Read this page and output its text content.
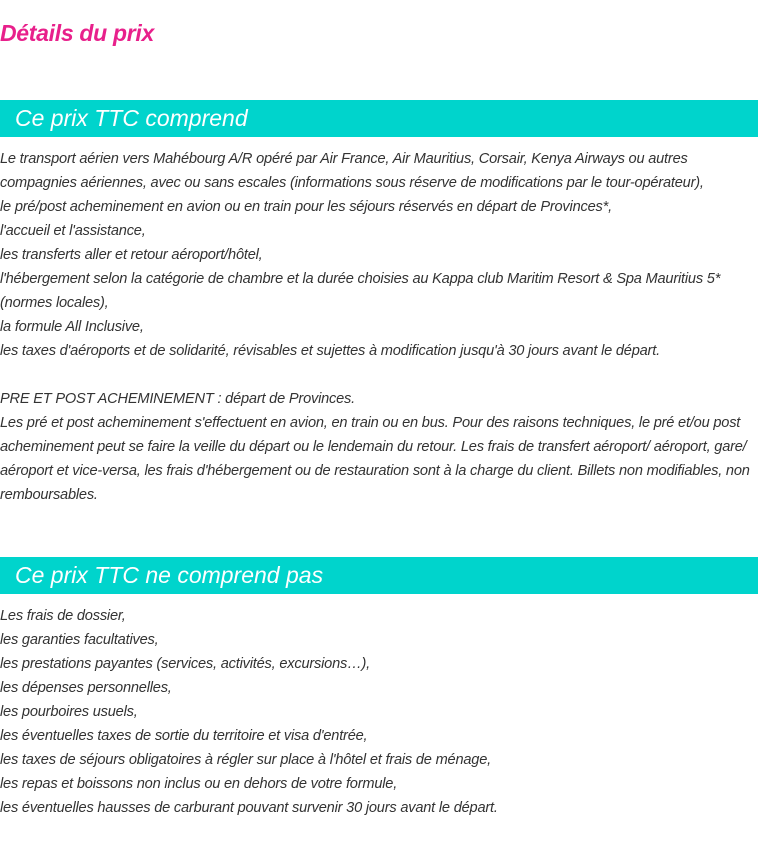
Détails du prix
Ce prix TTC comprend
Le transport aérien vers Mahébourg A/R opéré par Air France, Air Mauritius, Corsair, Kenya Airways ou autres
compagnies aériennes, avec ou sans escales (informations sous réserve de modifications par le tour-opérateur),
le pré/post acheminement en avion ou en train pour les séjours réservés en départ de Provinces*,
l'accueil et l'assistance,
les transferts aller et retour aéroport/hôtel,
l'hébergement selon la catégorie de chambre et la durée choisies au Kappa club Maritim Resort & Spa Mauritius 5*
(normes locales),
la formule All Inclusive,
les taxes d'aéroports et de solidarité, révisables et sujettes à modification jusqu'à 30 jours avant le départ.
PRE ET POST ACHEMINEMENT : départ de Provinces.
Les pré et post acheminement s'effectuent en avion, en train ou en bus. Pour des raisons techniques, le pré et/ou post
acheminement peut se faire la veille du départ ou le lendemain du retour. Les frais de transfert aéroport/ aéroport, gare/
aéroport et vice-versa, les frais d'hébergement ou de restauration sont à la charge du client. Billets non modifiables, non
remboursables.
Ce prix TTC ne comprend pas
Les frais de dossier,
les garanties facultatives,
les prestations payantes (services, activités, excursions…),
les dépenses personnelles,
les pourboires usuels,
les éventuelles taxes de sortie du territoire et visa d'entrée,
les taxes de séjours obligatoires à régler sur place à l'hôtel et frais de ménage,
les repas et boissons non inclus ou en dehors de votre formule,
les éventuelles hausses de carburant pouvant survenir 30 jours avant le départ.
